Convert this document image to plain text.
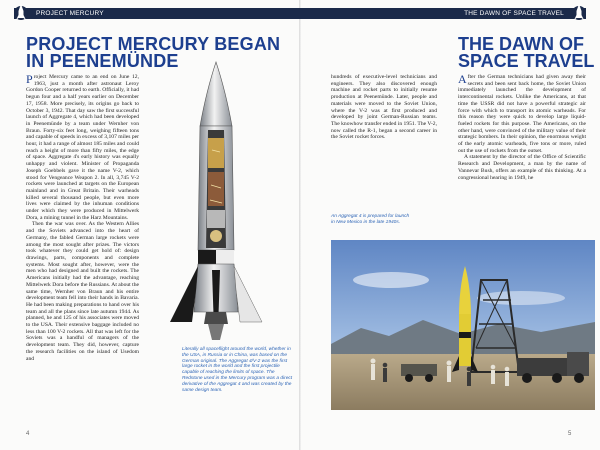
PROJECT MERCURY	THE DAWN OF SPACE TRAVEL
PROJECT MERCURY BEGAN IN PEENEMÜNDE

Project Mercury came to an end on June 12, 1963, just a month after astronaut Leroy Gordon Cooper returned to earth. Officially, it had begun four and a half years earlier on December 17, 1958. More precisely, its origins go back to October 3, 1942. That day saw the first successful launch of Aggregate 4, which had been developed in Peenemünde by a team under Wernher von Braun. Forty-six feet long, weighing fifteen tons and capable of speeds in excess of 3,107 miles per hour, it had a range of almost 185 miles and could reach a height of more than fifty miles, the edge of space. Aggregate 4's early history was equally unhappy and violent. Minister of Propaganda Joseph Goebbels gave it the name V-2, which stood for Vengeance Weapon 2. In all, 3,745 V-2 rockets were launched at targets on the European mainland and in Great Britain. Their warheads killed several thousand people, but even more lives were claimed by the inhuman conditions under which they were produced in Mittelwerk Dora, a mining tunnel in the Harz Mountains.

Then the war was over. As the Western Allies and the Soviets advanced into the heart of Germany, the fabled German large rockets were among the most sought after prizes. The victors took whatever they could get hold of: design drawings, parts, components and complete systems. Most sought after, however, were the men who had designed and built the rockets. The Americans initially had the advantage, reaching Mittelwerk Dora before the Russians. At about the same time, Wernher von Braun and his entire development team fell into their hands in Bavaria. He had been making preparations to hand over his team and all the plans since late autumn 1944. As planned, he and 125 of his associates were moved to the USA. Their extensive baggage included no less than 100 V-2 rockets. All that was left for the Soviets was a handful of managers of the development team. They did, however, capture the research facilities on the island of Usedom and

Literally all spaceflight around the world, whether in the USA, in Russia or in China, was based on the German original. The Aggregat 4/V-2 was the first large rocket in the world and the first projectile capable of reaching the limits of space. The Redstone used in the Mercury program was a direct derivative of the Aggregat 4 and was created by the same design team.
4
hundreds of executive-level technicians and engineers. They also discovered enough machine and rocket parts to initially resume production at Peenemünde. Later, people and materials were moved to the Soviet Union, where the V-2 was at first produced and developed by joint German-Russian teams. The knowhow transfer ended in 1951. The V-2, now called the R-1, began a second career in the Soviet rocket forces.
An Aggregat 4 is prepared for launch in New Mexico in the late 1940s.
THE DAWN OF SPACE TRAVEL

After the German technicians had given away their secrets and been sent back home, the Soviet Union immediately launched the development of intercontinental rockets. Unlike the Americans, at that time the USSR did not have a powerful strategic air force with which to transport its atomic warheads. For this reason they were quick to develop large liquid-fueled rockets for this purpose. The Americans, on the other hand, were convinced of the military value of their strategic bombers. In their opinion, the enormous weight of the early atomic warheads, five tons or more, ruled out the use of rockets from the outset.

A statement by the director of the Office of Scientific Research and Development, a man by the name of Vannevar Bush, offers an example of this thinking. At a congressional hearing in 1949, he

5
